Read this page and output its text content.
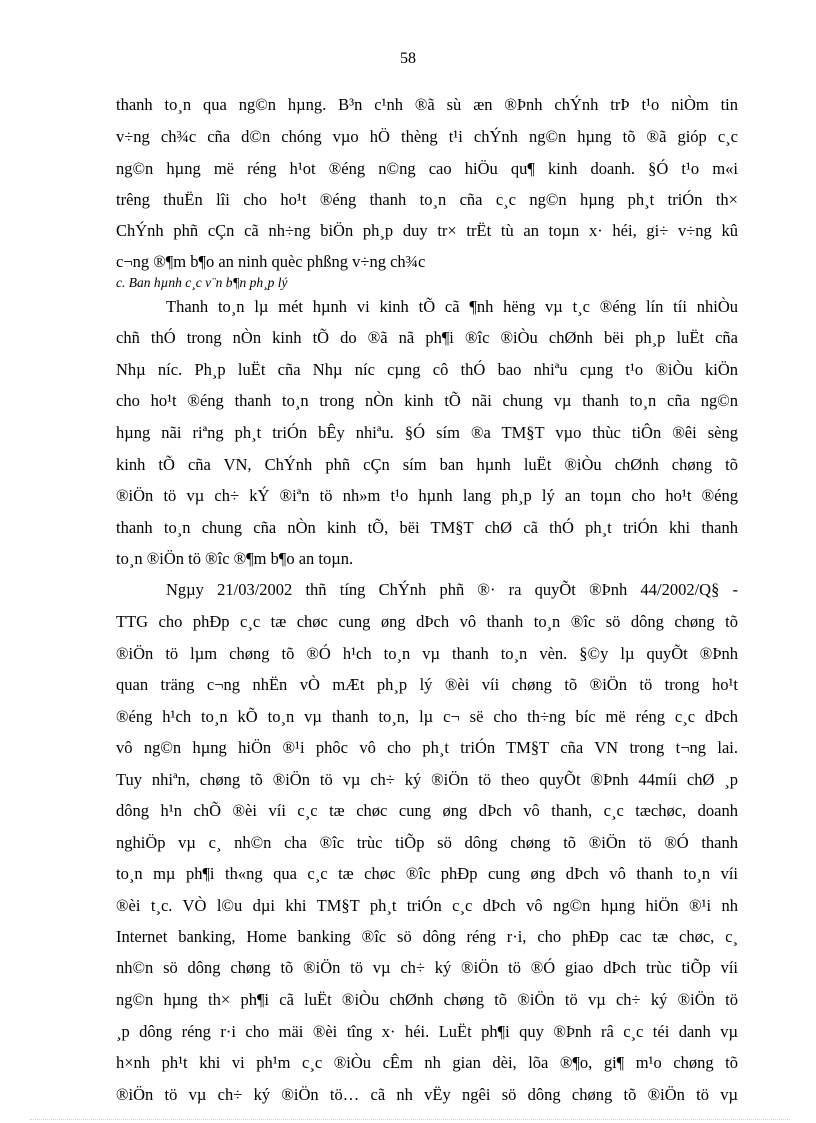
58
thanh to¸n qua ng©n hµng. B³n c¹nh ®ã sù æn ®Þnh chÝnh trÞ t¹o niÒm tin
v÷ng ch¾c cña d©n chóng vµo hÖ thèng t¹i chÝnh ng©n hµng tõ ®ã gióp c¸c
ng©n hµng më réng h¹ot ®éng n©ng cao hiÖu qu¶ kinh doanh. §Ó t¹o m«i
trêng thuËn lîi cho ho¹t ®éng thanh to¸n cña c¸c ng©n hµng ph¸t triÓn th×
ChÝnh phñ cÇn cã nh÷ng biÖn ph¸p duy tr× trËt tù an toµn x· héi, gi÷ v÷ng kû
c¬ng ®¶m b¶o an ninh quèc phßng v÷ng ch¾c
c. Ban hµnh c¸c v¨n b¶n ph¸p lý
Thanh to¸n lµ mét hµnh vi kinh tÕ cã ¶nh hëng vµ t¸c ®éng lín tíi nhiÒu
chñ thÓ trong nÒn kinh tÕ do ®ã nã ph¶i ®îc ®iÒu chØnh bëi ph¸p luËt cña
Nhµ níc. Ph¸p luËt cña Nhµ níc cµng cô thÓ bao nhiªu cµng t¹o ®iÒu kiÖn
cho ho¹t ®éng thanh to¸n trong nÒn kinh tÕ nãi chung vµ thanh to¸n cña ng©n
hµng nãi riªng ph¸t triÓn bÊy nhiªu. §Ó sím ®a TM§T vµo thùc tiÔn ®êi sèng
kinh tÕ cña VN, ChÝnh phñ cÇn sím ban hµnh luËt ®iÒu chØnh chøng tõ
®iÖn tö vµ ch÷ kÝ ®iªn tö nh»m t¹o hµnh lang ph¸p lý an toµn cho ho¹t ®éng
thanh to¸n chung cña nÒn kinh tÕ, bëi TM§T chØ cã thÓ ph¸t triÓn khi thanh
to¸n ®iÖn tö ®îc ®¶m b¶o an toµn.
Ngµy 21/03/2002 thñ tíng ChÝnh phñ ®· ra quyÕt ®Þnh 44/2002/Q§ -
TTG cho phÐp c¸c tæ chøc cung øng dÞch vô thanh to¸n ®îc sö dông chøng tõ
®iÖn tö lµm chøng tõ ®Ó h¹ch to¸n vµ thanh to¸n vèn. §©y lµ quyÕt ®Þnh
quan träng c¬ng nhËn vÒ mÆt ph¸p lý ®èi víi chøng tõ ®iÖn tö trong ho¹t
®éng h¹ch to¸n kÕ to¸n vµ thanh to¸n, lµ c¬ së cho th÷ng bíc më réng c¸c dÞch
vô ng©n hµng hiÖn ®¹i phôc vô cho ph¸t triÓn TM§T cña VN trong t¬ng lai.
Tuy nhiªn, chøng tõ ®iÖn tö vµ ch÷ ký ®iÖn tö theo quyÕt ®Þnh 44míi chØ ¸p
dông h¹n chÕ ®èi víi c¸c tæ chøc cung øng dÞch vô thanh, c¸c tæchøc, doanh
nghiÖp vµ c¸ nh©n cha ®îc trùc tiÕp sö dông chøng tõ ®iÖn tö ®Ó thanh
to¸n mµ ph¶i th«ng qua c¸c tæ chøc ®îc phÐp cung øng dÞch vô thanh to¸n víi
®èi t¸c. VÒ l©u dµi khi TM§T ph¸t triÓn c¸c dÞch vô ng©n hµng hiÖn ®¹i nh
Internet banking, Home banking ®îc sö dông réng r·i, cho phÐp cac tæ chøc, c¸
nh©n sö dông chøng tõ ®iÖn tö vµ ch÷ ký ®iÖn tö ®Ó giao dÞch trùc tiÕp víi
ng©n hµng th× ph¶i cã luËt ®iÒu chØnh chøng tõ ®iÖn tö vµ ch÷ ký ®iÖn tö
¸p dông réng r·i cho mäi ®èi tîng x· héi. LuËt ph¶i quy ®Þnh râ c¸c téi danh vµ
h×nh ph¹t khi vi ph¹m c¸c ®iÒu cÊm nh gian dèi, lõa ®¶o, gi¶ m¹o chøng tõ
®iÖn tö vµ ch÷ ký ®iÖn tö… cã nh vËy ngêi sö dông chøng tõ ®iÖn tö vµ
